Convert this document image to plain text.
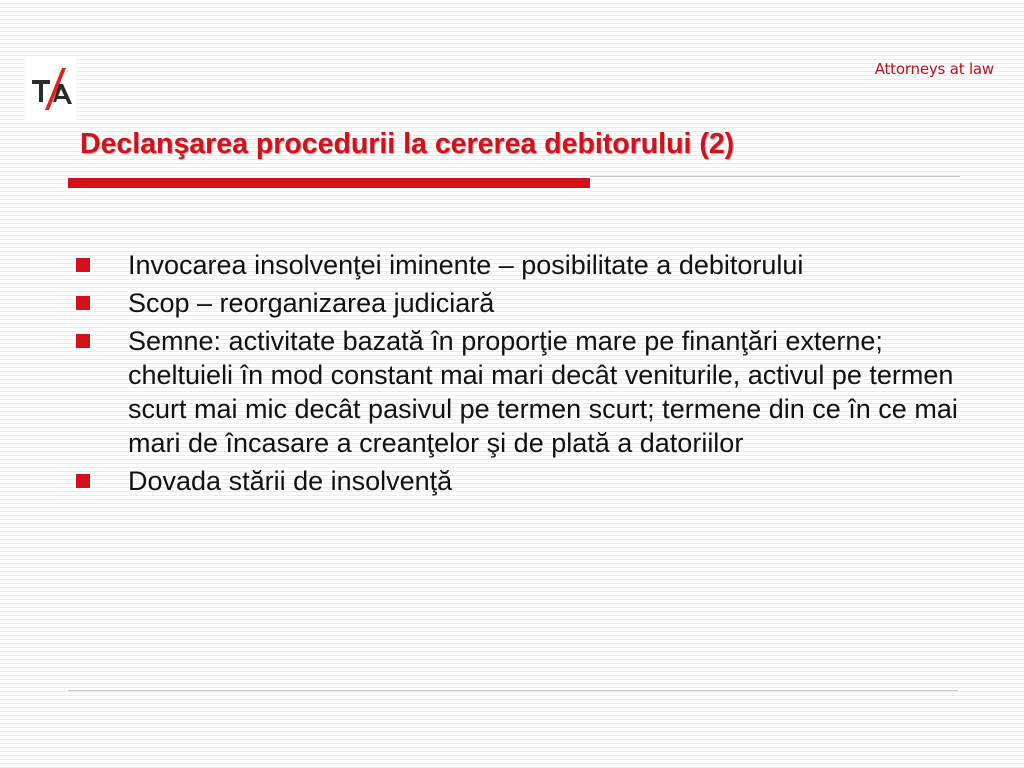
Attorneys at law
Declanşarea procedurii la cererea debitorului (2)
Invocarea insolvenţei iminente – posibilitate a debitorului
Scop – reorganizarea judiciară
Semne: activitate bazată în proporţie mare pe finanţări externe; cheltuieli în mod constant mai mari decât veniturile, activul pe termen scurt mai mic decât pasivul pe termen scurt; termene din ce în ce mai mari de încasare a creanţelor şi de plată a datoriilor
Dovada stării de insolvenţă
